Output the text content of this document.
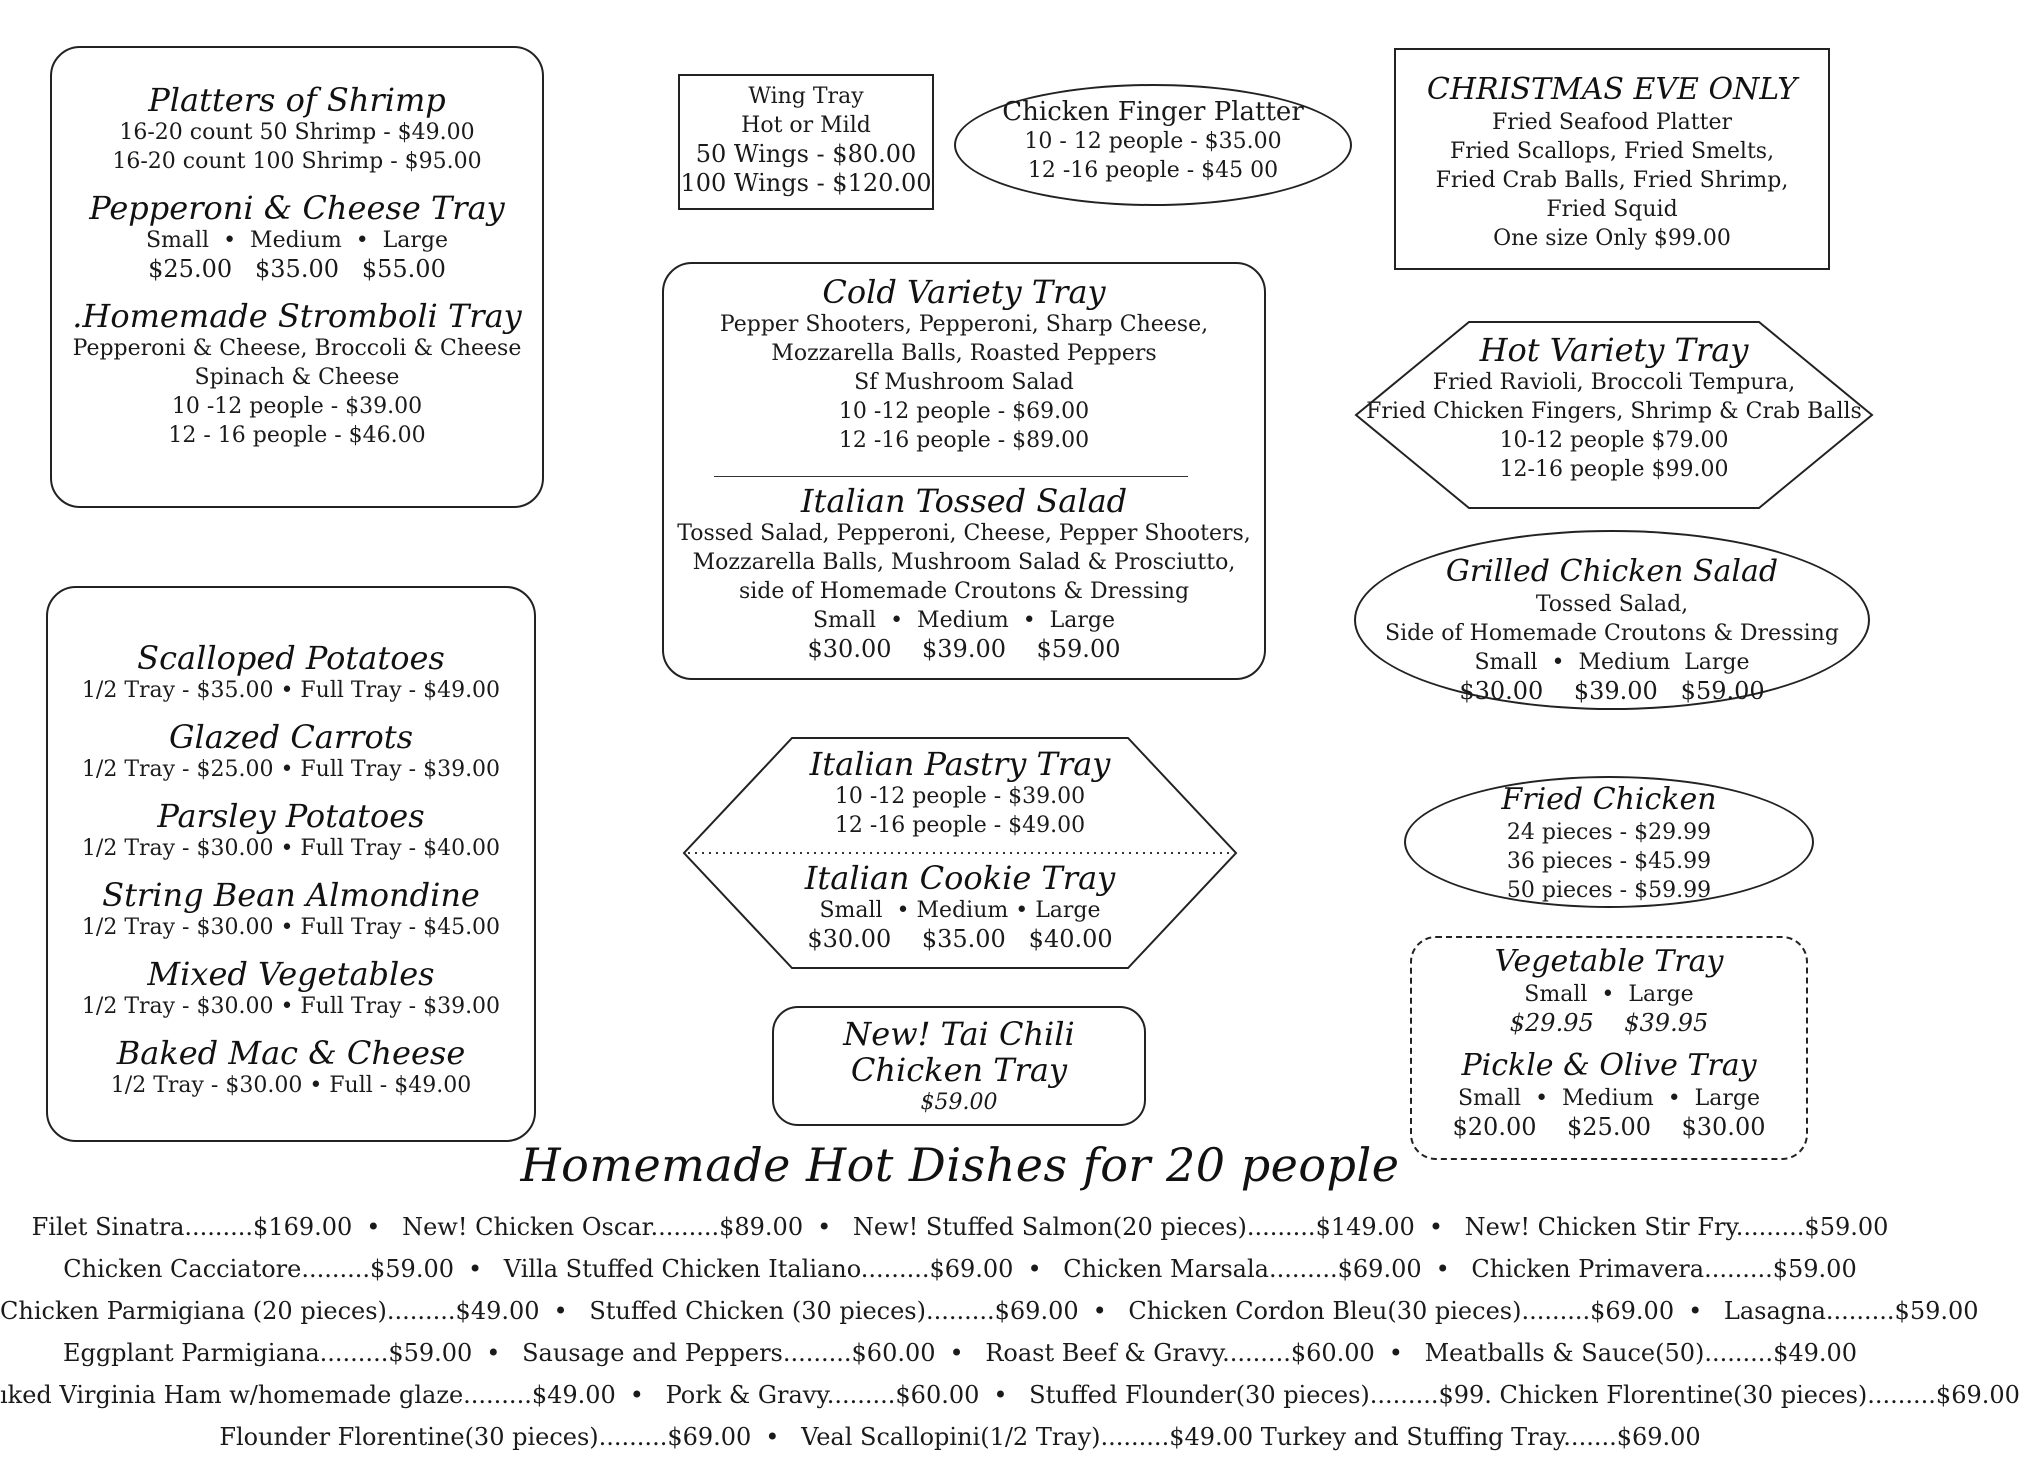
Platters of Shrimp
16-20 count 50 Shrimp - $49.00
16-20 count 100 Shrimp - $95.00
Pepperoni & Cheese Tray
Small  •  Medium  •  Large
$25.00   $35.00   $55.00
.Homemade Stromboli Tray
Pepperoni & Cheese, Broccoli & Cheese
Spinach & Cheese
10 -12 people - $39.00
12 - 16 people - $46.00
Wing Tray
Hot or Mild
50 Wings - $80.00
100 Wings - $120.00
Chicken Finger Platter
10 - 12 people - $35.00
12 -16 people - $45 00
CHRISTMAS EVE ONLY
Fried Seafood Platter
Fried Scallops, Fried Smelts,
Fried Crab Balls, Fried Shrimp,
Fried Squid
One size Only $99.00
Cold Variety Tray
Pepper Shooters, Pepperoni, Sharp Cheese,
Mozzarella Balls, Roasted Peppers
Sf Mushroom Salad
10 -12 people - $69.00
12 -16 people - $89.00
Italian Tossed Salad
Tossed Salad, Pepperoni, Cheese, Pepper Shooters,
Mozzarella Balls, Mushroom Salad & Prosciutto,
side of Homemade Croutons & Dressing
Small  •  Medium  •  Large
$30.00    $39.00    $59.00
Hot Variety Tray
Fried Ravioli, Broccoli Tempura,
Fried Chicken Fingers, Shrimp & Crab Balls
10-12 people $79.00
12-16 people $99.00
Grilled Chicken Salad
Tossed Salad,
Side of Homemade Croutons & Dressing
Small  •  Medium  Large
$30.00    $39.00   $59.00
Scalloped Potatoes
1/2 Tray - $35.00 • Full Tray - $49.00
Glazed Carrots
1/2 Tray - $25.00 • Full Tray - $39.00
Parsley Potatoes
1/2 Tray - $30.00 • Full Tray - $40.00
String Bean Almondine
1/2 Tray - $30.00 • Full Tray - $45.00
Mixed Vegetables
1/2 Tray - $30.00 • Full Tray - $39.00
Baked Mac & Cheese
1/2 Tray - $30.00 • Full - $49.00
Italian Pastry Tray
10 -12 people - $39.00
12 -16 people - $49.00
Italian Cookie Tray
Small  • Medium • Large
$30.00    $35.00   $40.00
Fried Chicken
24 pieces - $29.99
36 pieces - $45.99
50 pieces - $59.99
New! Tai Chili
Chicken Tray
$59.00
Vegetable Tray
Small  •  Large
$29.95    $39.95
Pickle & Olive Tray
Small  •  Medium  •  Large
$20.00    $25.00    $30.00
Homemade Hot Dishes for 20 people
Filet Sinatra.........$169.00 • New! Chicken Oscar.........$89.00 • New! Stuffed Salmon(20 pieces).........$149.00 • New! Chicken Stir Fry.........$59.00
Chicken Cacciatore.........$59.00 • Villa Stuffed Chicken Italiano.........$69.00 • Chicken Marsala.........$69.00 • Chicken Primavera.........$59.00
Chicken Parmigiana (20 pieces).........$49.00 • Stuffed Chicken (30 pieces).........$69.00 • Chicken Cordon Bleu(30 pieces).........$69.00 • Lasagna.........$59.00
Eggplant Parmigiana.........$59.00 • Sausage and Peppers.........$60.00 • Roast Beef & Gravy.........$60.00 • Meatballs & Sauce(50).........$49.00
ıked Virginia Ham w/homemade glaze.........$49.00 • Pork & Gravy.........$60.00 • Stuffed Flounder(30 pieces).........$99. Chicken Florentine(30 pieces).........$69.00
Flounder Florentine(30 pieces).........$69.00 • Veal Scallopini(1/2 Tray).........$49.00 Turkey and Stuffing Tray.......$69.00
